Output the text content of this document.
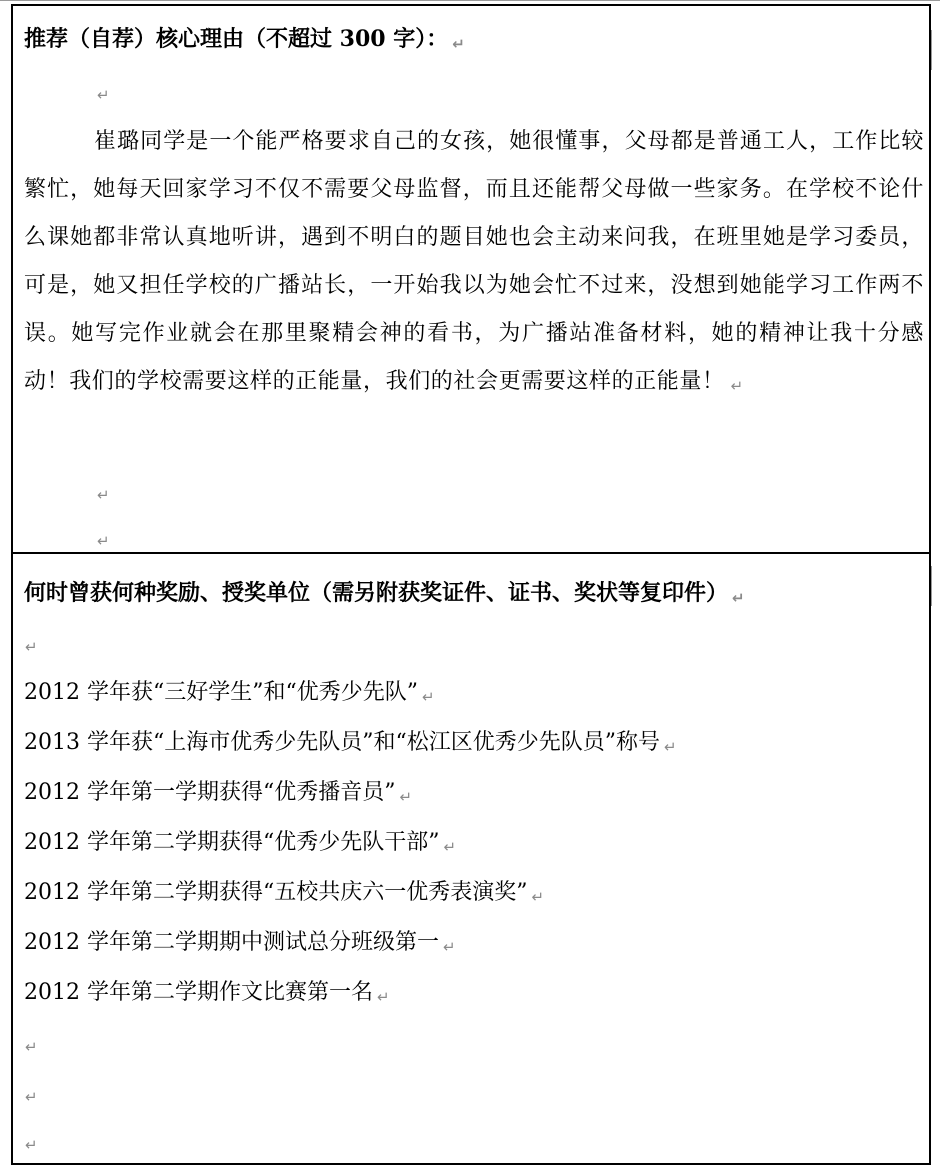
推荐（自荐）核心理由（不超过 300 字）： ↵
↵
崔璐同学是一个能严格要求自己的女孩，她很懂事，父母都是普通工人，工作比较繁忙，她每天回家学习不仅不需要父母监督，而且还能帮父母做一些家务。在学校不论什么课她都非常认真地听讲，遇到不明白的题目她也会主动来问我，在班里她是学习委员，可是，她又担任学校的广播站长，一开始我以为她会忙不过来，没想到她能学习工作两不误。她写完作业就会在那里聚精会神的看书，为广播站准备材料，她的精神让我十分感动！我们的学校需要这样的正能量，我们的社会更需要这样的正能量！ ↵
↵
↵
何时曾获何种奖励、授奖单位（需另附获奖证件、证书、奖状等复印件） ↵
↵
2012 学年获“三好学生”和“优秀少先队” ↵
2013 学年获“上海市优秀少先队员”和“松江区优秀少先队员”称号 ↵
2012 学年第一学期获得“优秀播音员” ↵
2012 学年第二学期获得“优秀少先队干部” ↵
2012 学年第二学期获得“五校共庆六一优秀表演奖” ↵
2012 学年第二学期期中测试总分班级第一 ↵
2012 学年第二学期作文比赛第一名 ↵
↵
↵
↵
